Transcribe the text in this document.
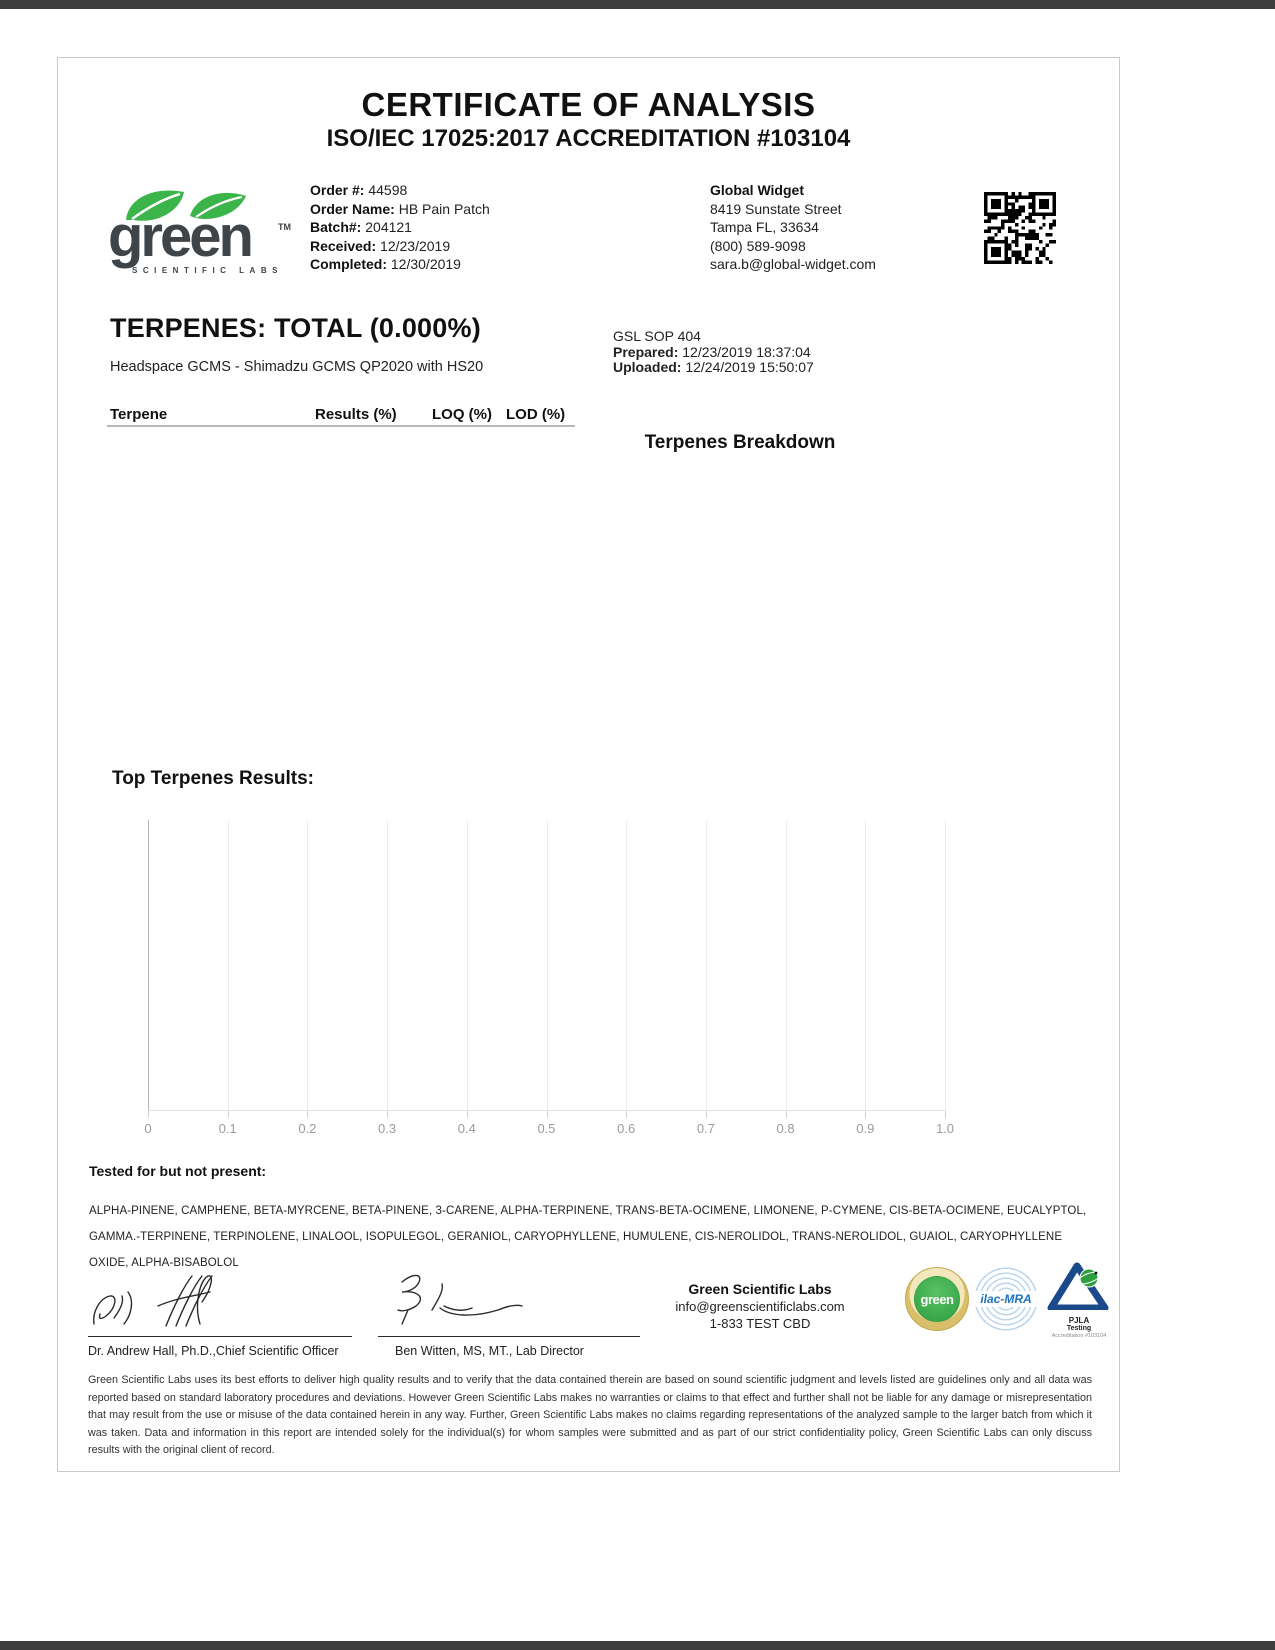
CERTIFICATE OF ANALYSIS
ISO/IEC 17025:2017 ACCREDITATION #103104
green	TM
SCIENTIFIC LABS
Order #: 44598
Order Name: HB Pain Patch
Batch#: 204121
Received: 12/23/2019
Completed: 12/30/2019
Global Widget
8419 Sunstate Street
Tampa FL, 33634
(800) 589-9098
sara.b@global-widget.com
TERPENES: TOTAL (0.000%)	GSL SOP 404
Prepared: 12/23/2019 18:37:04
Uploaded: 12/24/2019 15:50:07
Headspace GCMS - Shimadzu GCMS QP2020 with HS20
Terpene	Results (%) LOQ (%) LOD (%)
Terpenes Breakdown
Top Terpenes Results:
0	0.1	0.2	0.3	0.4	0.5	0.6	0.7	0.8	0.9	1.0
Tested for but not present:
ALPHA-PINENE, CAMPHENE, BETA-MYRCENE, BETA-PINENE, 3-CARENE, ALPHA-TERPINENE, TRANS-BETA-OCIMENE, LIMONENE, P-CYMENE, CIS-BETA-OCIMENE, EUCALYPTOL, GAMMA.-TERPINENE, TERPINOLENE, LINALOOL, ISOPULEGOL, GERANIOL, CARYOPHYLLENE, HUMULENE, CIS-NEROLIDOL, TRANS-NEROLIDOL, GUAIOL, CARYOPHYLLENE OXIDE, ALPHA-BISABOLOL
Dr. Andrew Hall, Ph.D.,Chief Scientific Officer	Ben Witten, MS, MT., Lab Director
Green Scientific Labs
info@greenscientificlabs.com
1-833 TEST CBD
green	ilac-MRA
PJLA
Testing
Accreditation #103104
Green Scientific Labs uses its best efforts to deliver high quality results and to verify that the data contained therein are based on sound scientific judgment and levels listed are guidelines only and all data was reported based on standard laboratory procedures and deviations. However Green Scientific Labs makes no warranties or claims to that effect and further shall not be liable for any damage or misrepresentation that may result from the use or misuse of the data contained herein in any way. Further, Green Scientific Labs makes no claims regarding representations of the analyzed sample to the larger batch from which it was taken. Data and information in this report are intended solely for the individual(s) for whom samples were submitted and as part of our strict confidentiality policy, Green Scientific Labs can only discuss results with the original client of record.
